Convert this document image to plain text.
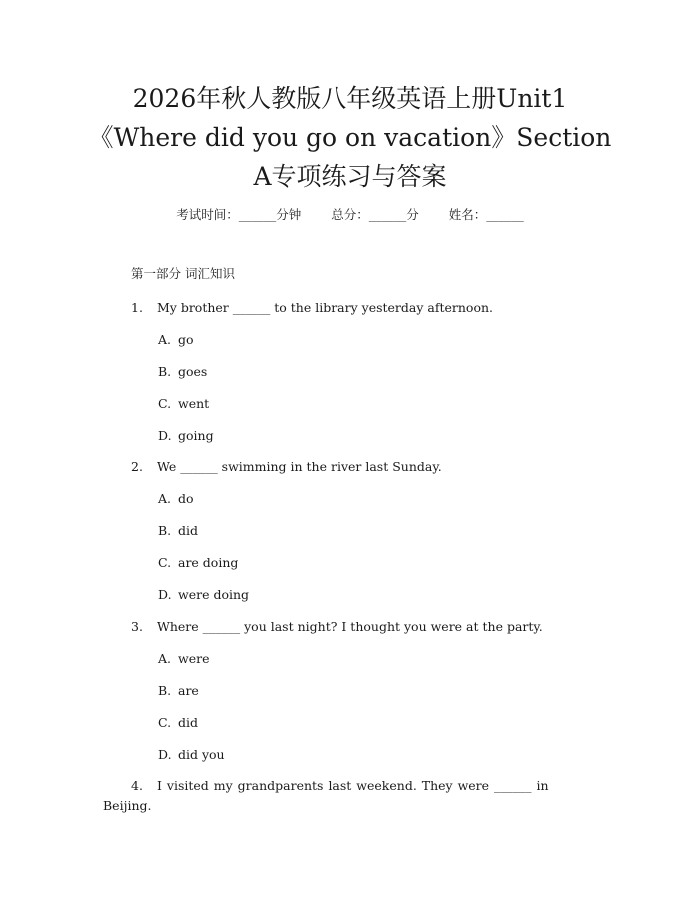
2026年秋人教版八年级英语上册Unit1
《Where did you go on vacation》Section
A专项练习与答案
考试时间：______分钟 总分：______分 姓名：______
第一部分 词汇知识
1. My brother ______ to the library yesterday afternoon.
A. go
B. goes
C. went
D. going
2. We ______ swimming in the river last Sunday.
A. do
B. did
C. are doing
D. were doing
3. Where ______ you last night? I thought you were at the party.
A. were
B. are
C. did
D. did you
4. I visited my grandparents last weekend. They were ______ in Beijing.
